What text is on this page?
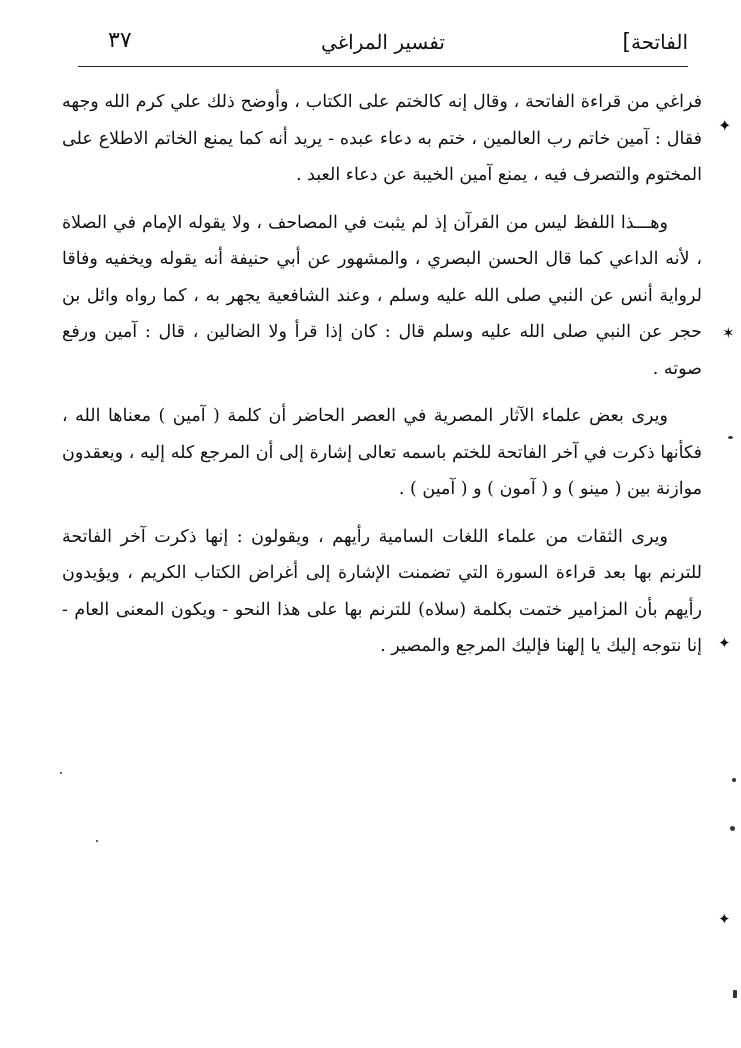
الفاتحة]
تفسير المراغي
٣٧

فراغي من قراءة الفاتحة ، وقال إنه كالختم على الكتاب ، وأوضح ذلك علي كرم الله وجهه فقال : آمين خاتم رب العالمين ، ختم به دعاء عبده - يريد أنه كما يمنع الخاتم الاطلاع على المختوم والتصرف فيه ، يمنع آمين الخيبة عن دعاء العبد .

وهـــذا اللفظ ليس من القرآن إذ لم يثبت في المصاحف ، ولا يقوله الإمام في الصلاة ، لأنه الداعي كما قال الحسن البصري ، والمشهور عن أبي حنيفة أنه يقوله ويخفيه وفاقا لرواية أنس عن النبي صلى الله عليه وسلم ، وعند الشافعية يجهر به ، كما رواه وائل بن حجر عن النبي صلى الله عليه وسلم قال : كان إذا قرأ ولا الضالين ، قال : آمين ورفع صوته .

ويرى بعض علماء الآثار المصرية في العصر الحاضر أن كلمة ( آمين ) معناها الله ، فكأنها ذكرت في آخر الفاتحة للختم باسمه تعالى إشارة إلى أن المرجع كله إليه ، ويعقدون موازنة بين ( مينو ) و ( آمون ) و ( آمين ) .

ويرى الثقات من علماء اللغات السامية رأيهم ، ويقولون : إنها ذكرت آخر الفاتحة للترنم بها بعد قراءة السورة التي تضمنت الإشارة إلى أغراض الكتاب الكريم ، ويؤيدون رأيهم بأن المزامير ختمت بكلمة (سلاه) للترنم بها على هذا النحو - ويكون المعنى العام - إنا نتوجه إليك يا إلهنا فإليك المرجع والمصير .

✦
✶
✦
✦
